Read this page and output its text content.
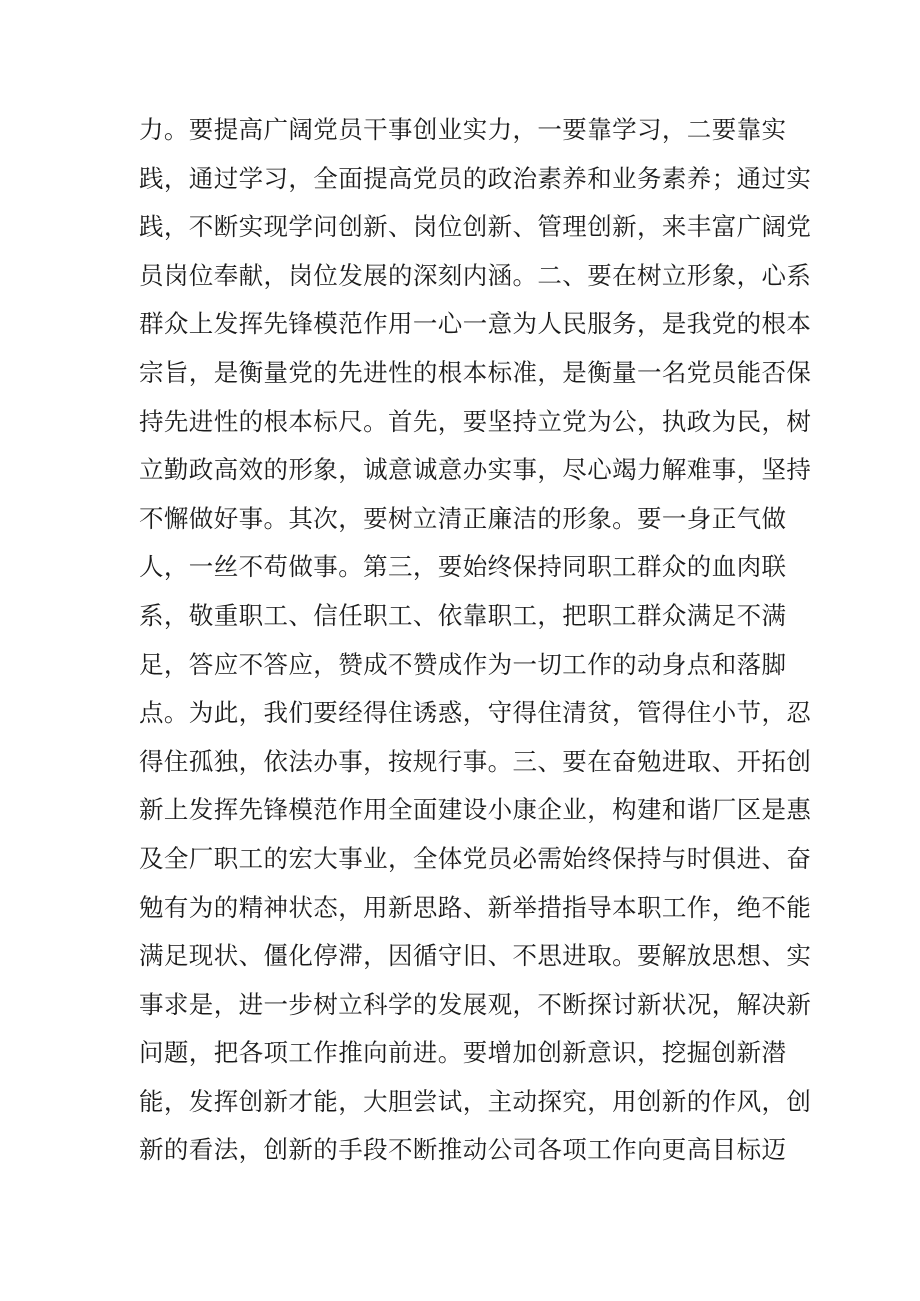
力。要提高广阔党员干事创业实力，一要靠学习，二要靠实
践，通过学习，全面提高党员的政治素养和业务素养；通过实
践，不断实现学问创新、岗位创新、管理创新，来丰富广阔党
员岗位奉献，岗位发展的深刻内涵。二、要在树立形象，心系
群众上发挥先锋模范作用一心一意为人民服务，是我党的根本
宗旨，是衡量党的先进性的根本标准，是衡量一名党员能否保
持先进性的根本标尺。首先，要坚持立党为公，执政为民，树
立勤政高效的形象，诚意诚意办实事，尽心竭力解难事，坚持
不懈做好事。其次，要树立清正廉洁的形象。要一身正气做
人，一丝不苟做事。第三，要始终保持同职工群众的血肉联
系，敬重职工、信任职工、依靠职工，把职工群众满足不满
足，答应不答应，赞成不赞成作为一切工作的动身点和落脚
点。为此，我们要经得住诱惑，守得住清贫，管得住小节，忍
得住孤独，依法办事，按规行事。三、要在奋勉进取、开拓创
新上发挥先锋模范作用全面建设小康企业，构建和谐厂区是惠
及全厂职工的宏大事业，全体党员必需始终保持与时俱进、奋
勉有为的精神状态，用新思路、新举措指导本职工作，绝不能
满足现状、僵化停滞，因循守旧、不思进取。要解放思想、实
事求是，进一步树立科学的发展观，不断探讨新状况，解决新
问题，把各项工作推向前进。要增加创新意识，挖掘创新潜
能，发挥创新才能，大胆尝试，主动探究，用创新的作风，创
新的看法，创新的手段不断推动公司各项工作向更高目标迈
